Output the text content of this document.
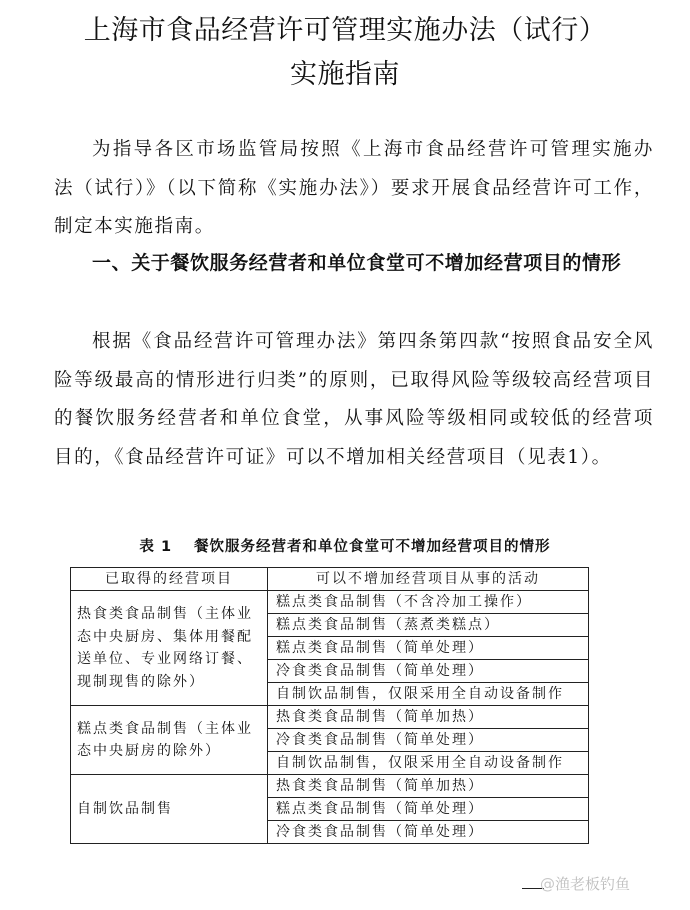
上海市食品经营许可管理实施办法（试行）
实施指南
为指导各区市场监管局按照《上海市食品经营许可管理实施办法（试行）》（以下简称《实施办法》）要求开展食品经营许可工作，制定本实施指南。
一、关于餐饮服务经营者和单位食堂可不增加经营项目的情形
根据《食品经营许可管理办法》第四条第四款“按照食品安全风险等级最高的情形进行归类”的原则，已取得风险等级较高经营项目的餐饮服务经营者和单位食堂，从事风险等级相同或较低的经营项目的，《食品经营许可证》可以不增加相关经营项目（见表1）。
表 1 餐饮服务经营者和单位食堂可不增加经营项目的情形
已取得的经营项目	可以不增加经营项目从事的活动
热食类食品制售（主体业态中央厨房、集体用餐配送单位、专业网络订餐、现制现售的除外）	糕点类食品制售（不含冷加工操作）
	糕点类食品制售（蒸煮类糕点）
	糕点类食品制售（简单处理）
	冷食类食品制售（简单处理）
	自制饮品制售，仅限采用全自动设备制作
糕点类食品制售（主体业态中央厨房的除外）	热食类食品制售（简单加热）
	冷食类食品制售（简单处理）
	自制饮品制售，仅限采用全自动设备制作
自制饮品制售	热食类食品制售（简单加热）
	糕点类食品制售（简单处理）
	冷食类食品制售（简单处理）
@渔老板钓鱼
